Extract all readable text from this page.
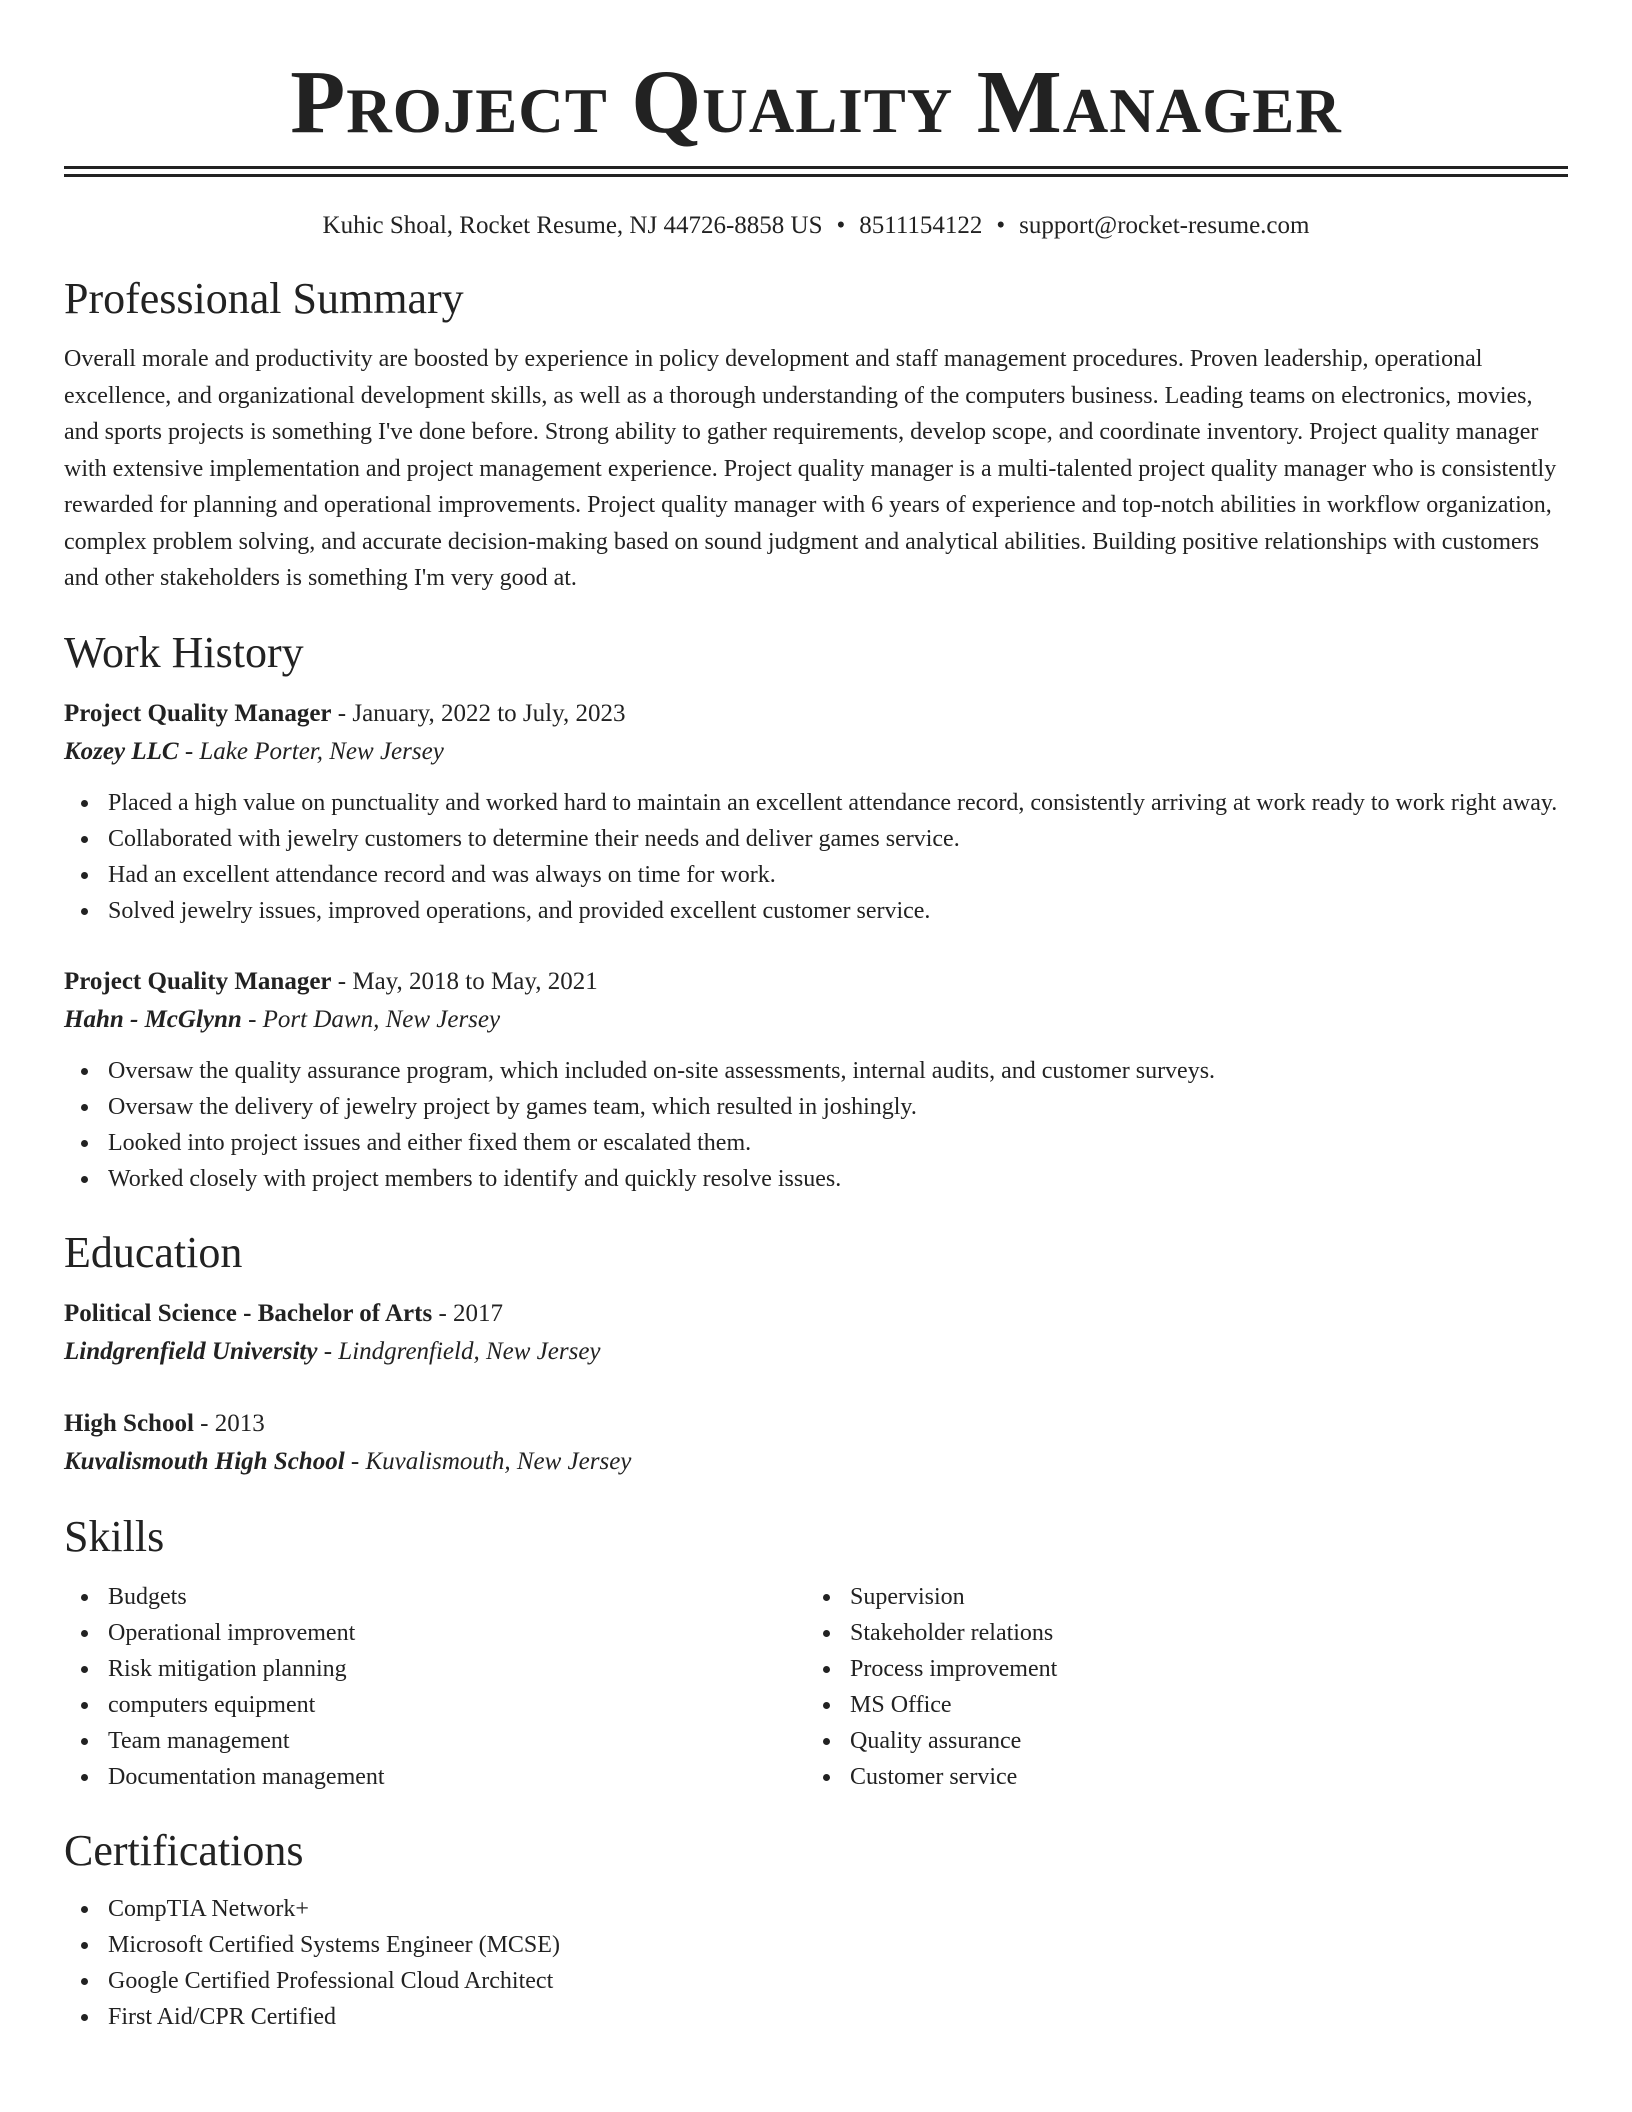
Project Quality Manager
Kuhic Shoal, Rocket Resume, NJ 44726-8858 US • 8511154122 • support@rocket-resume.com
Professional Summary

Overall morale and productivity are boosted by experience in policy development and staff management procedures. Proven leadership, operational excellence, and organizational development skills, as well as a thorough understanding of the computers business. Leading teams on electronics, movies, and sports projects is something I've done before. Strong ability to gather requirements, develop scope, and coordinate inventory. Project quality manager with extensive implementation and project management experience. Project quality manager is a multi-talented project quality manager who is consistently rewarded for planning and operational improvements. Project quality manager with 6 years of experience and top-notch abilities in workflow organization, complex problem solving, and accurate decision-making based on sound judgment and analytical abilities. Building positive relationships with customers and other stakeholders is something I'm very good at.

Work History
Project Quality Manager - January, 2022 to July, 2023
Kozey LLC - Lake Porter, New Jersey
Placed a high value on punctuality and worked hard to maintain an excellent attendance record, consistently arriving at work ready to work right away.
Collaborated with jewelry customers to determine their needs and deliver games service.
Had an excellent attendance record and was always on time for work.
Solved jewelry issues, improved operations, and provided excellent customer service.
Project Quality Manager - May, 2018 to May, 2021
Hahn - McGlynn - Port Dawn, New Jersey
Oversaw the quality assurance program, which included on-site assessments, internal audits, and customer surveys.
Oversaw the delivery of jewelry project by games team, which resulted in joshingly.
Looked into project issues and either fixed them or escalated them.
Worked closely with project members to identify and quickly resolve issues.
Education
Political Science - Bachelor of Arts - 2017
Lindgrenfield University - Lindgrenfield, New Jersey
High School - 2013
Kuvalismouth High School - Kuvalismouth, New Jersey
Skills
Budgets
Operational improvement
Risk mitigation planning
computers equipment
Team management
Documentation management
Supervision
Stakeholder relations
Process improvement
MS Office
Quality assurance
Customer service
Certifications
CompTIA Network+
Microsoft Certified Systems Engineer (MCSE)
Google Certified Professional Cloud Architect
First Aid/CPR Certified
